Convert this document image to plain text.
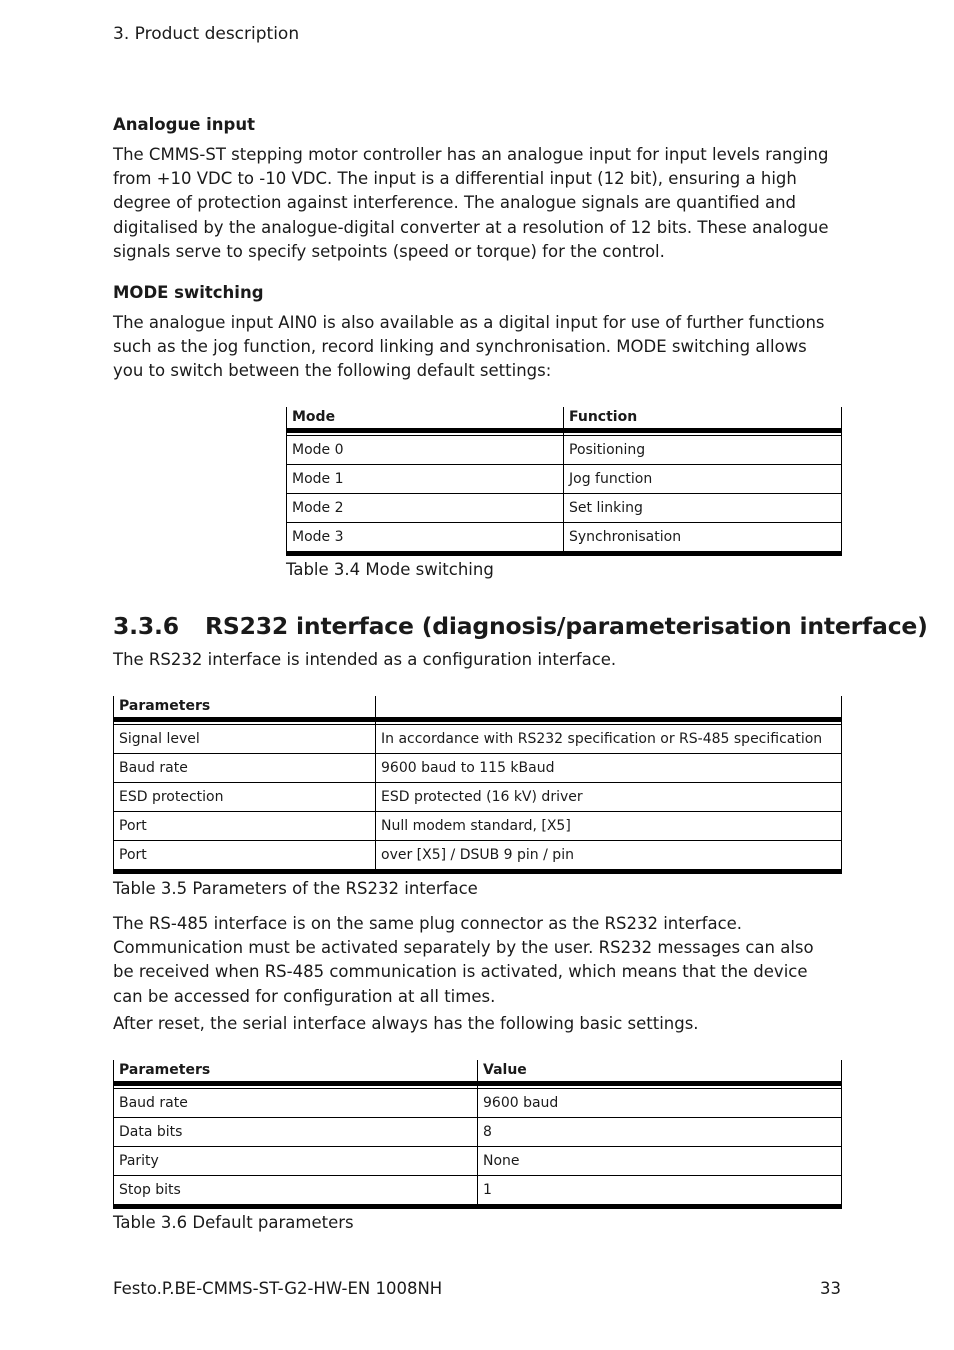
3. Product description
Analogue input

The CMMS-ST stepping motor controller has an analogue input for input levels ranging from +10 VDC to -10 VDC. The input is a differential input (12 bit), ensuring a high degree of protection against interference. The analogue signals are quantified and digitalised by the analogue-digital converter at a resolution of 12 bits. These analogue signals serve to specify setpoints (speed or torque) for the control.

MODE switching

The analogue input AIN0 is also available as a digital input for use of further functions such as the jog function, record linking and synchronisation. MODE switching allows you to switch between the following default settings:

Mode	Function

Mode 0	Positioning
Mode 1	Jog function
Mode 2	Set linking
Mode 3	Synchronisation
Table 3.4 Mode switching
3.3.6 RS232 interface (diagnosis/parameterisation interface)
The RS232 interface is intended as a configuration interface.
Parameters	

Signal level	In accordance with RS232 specification or RS-485 specification
Baud rate	9600 baud to 115 kBaud
ESD protection	ESD protected (16 kV) driver
Port	Null modem standard, [X5]
Port	over [X5] / DSUB 9 pin / pin
Table 3.5 Parameters of the RS232 interface

The RS-485 interface is on the same plug connector as the RS232 interface. Communication must be activated separately by the user. RS232 messages can also be received when RS-485 communication is activated, which means that the device can be accessed for configuration at all times.

After reset, the serial interface always has the following basic settings.

Parameters	Value

Baud rate	9600 baud
Data bits	8
Parity	None
Stop bits	1
Table 3.6 Default parameters
Festo.P.BE-CMMS-ST-G2-HW-EN 1008NH	33
